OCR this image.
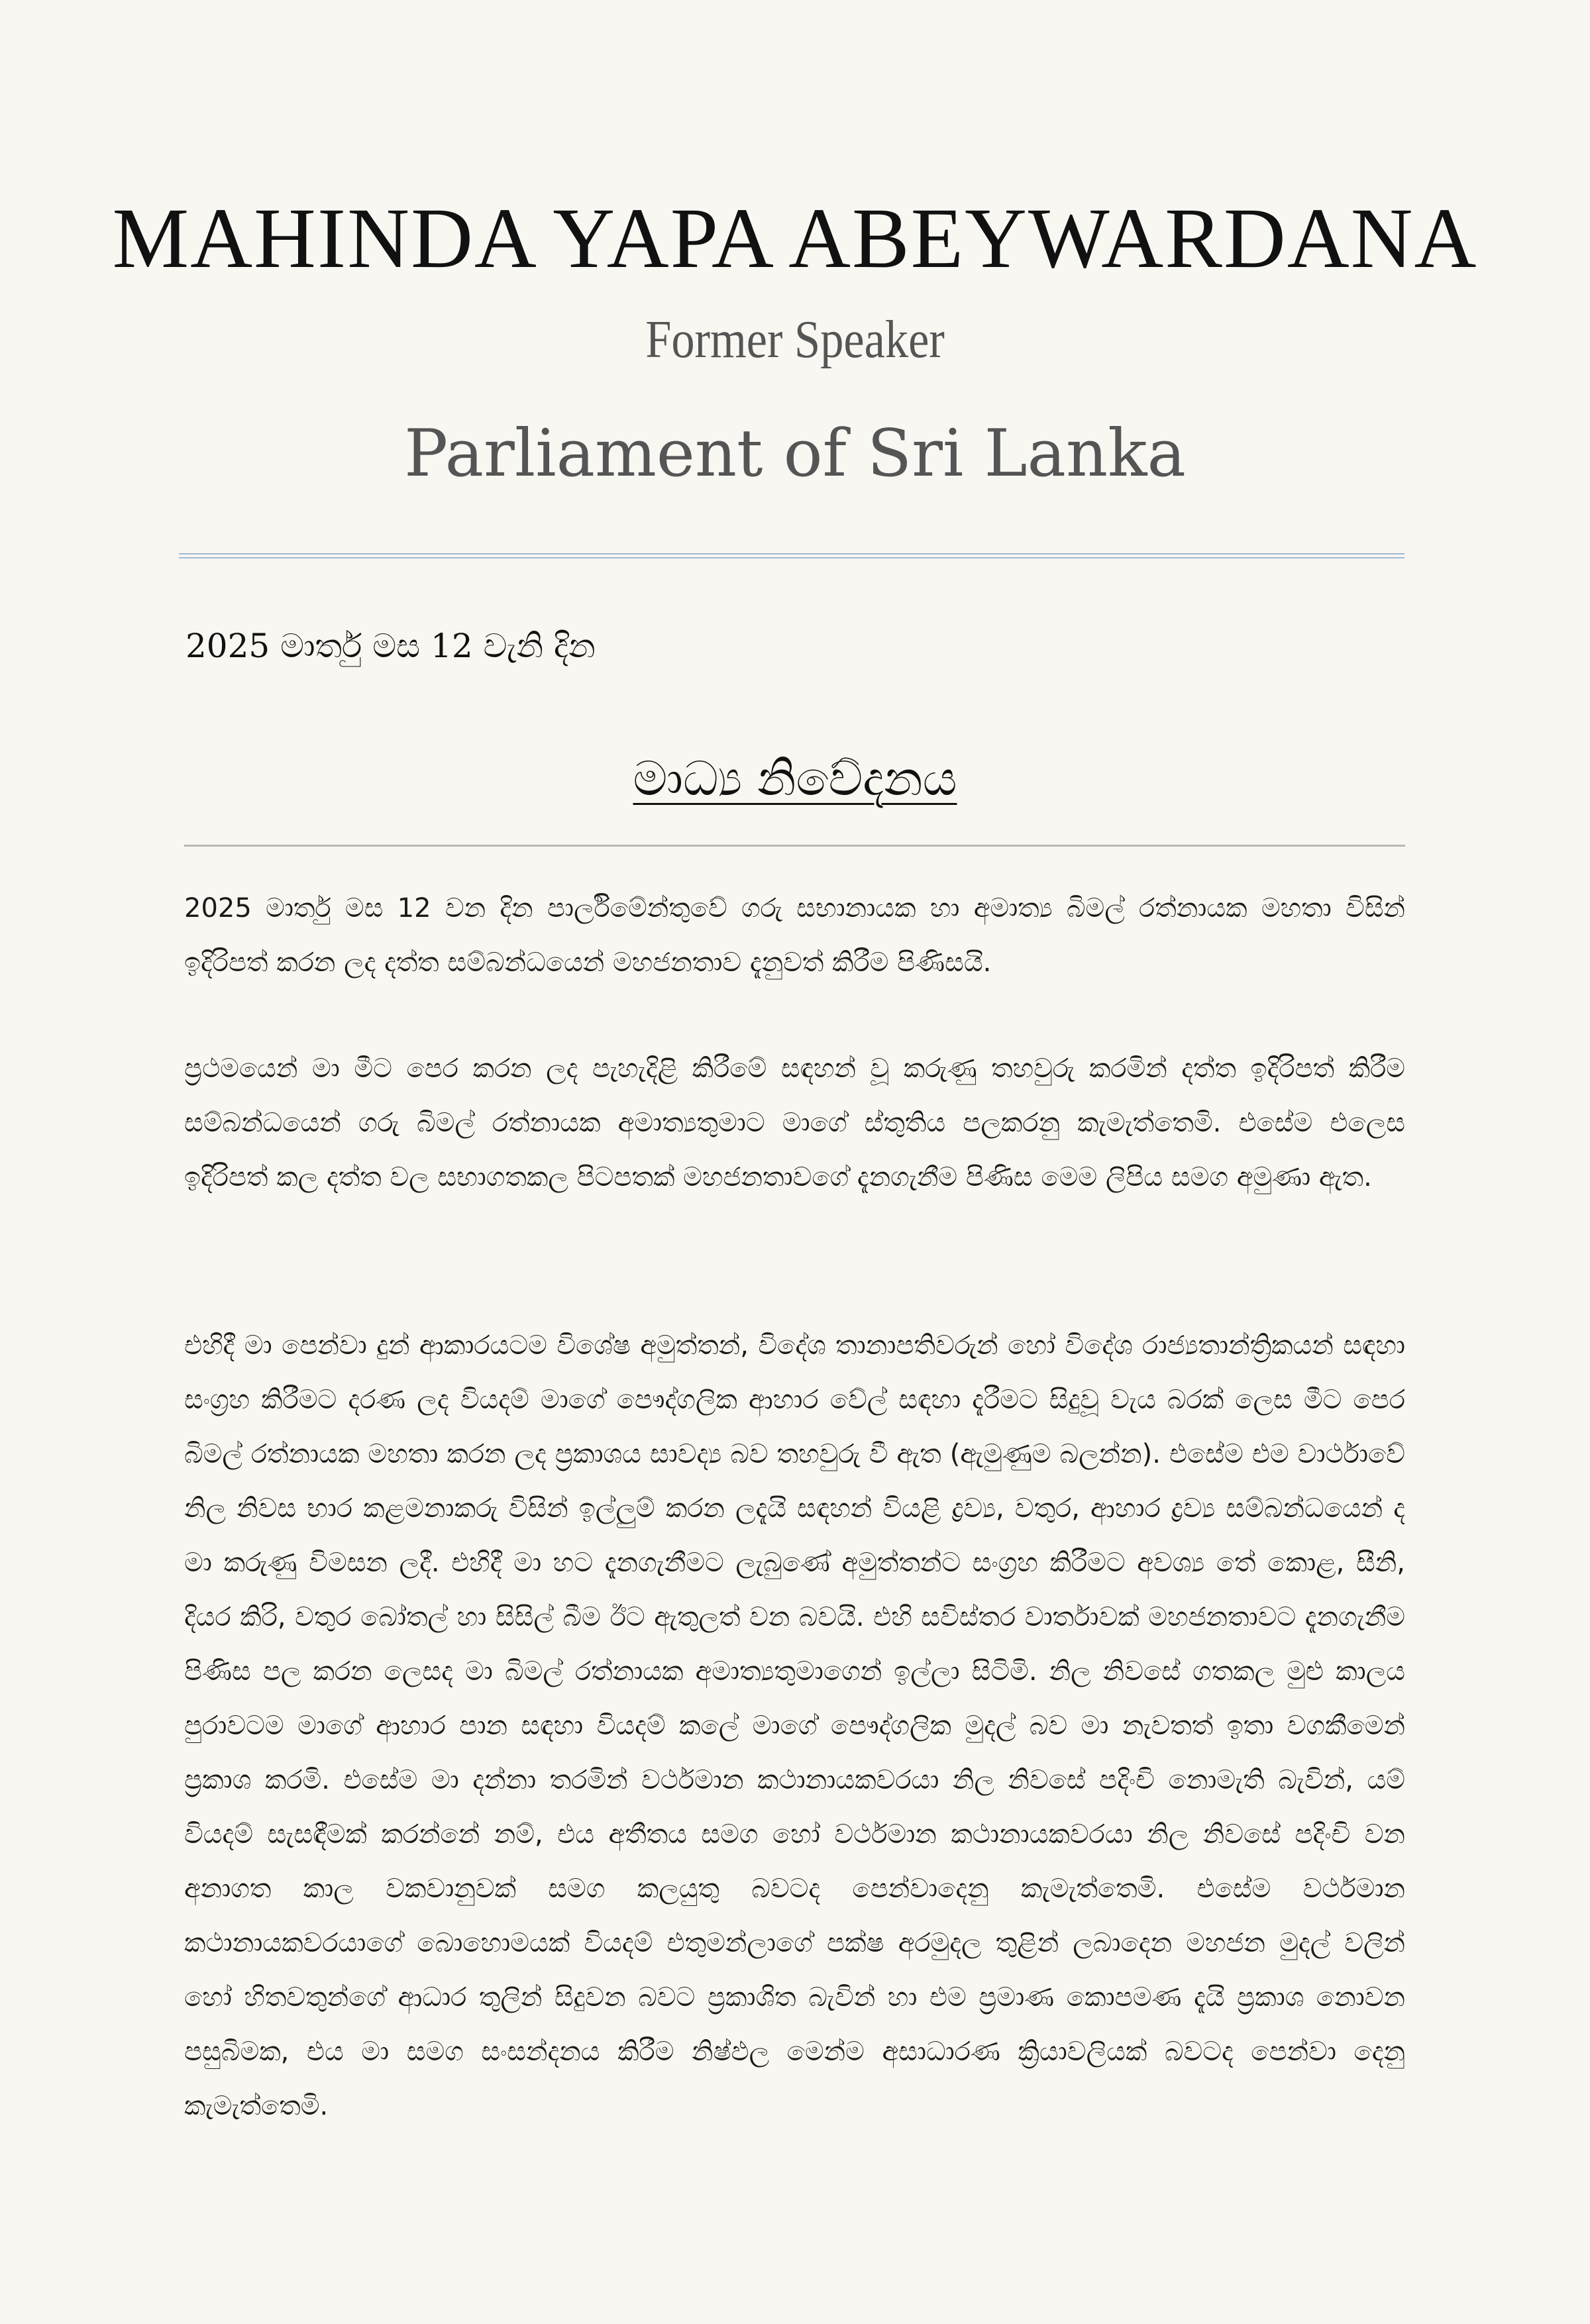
MAHINDA YAPA ABEYWARDANA
Former Speaker
Parliament of Sri Lanka
2025 මාර්තු මස 12 වැනි දින
මාධ්‍ය නිවේදනය

2025 මාර්තු මස 12 වන දින පාර්ලිමේන්තුවේ ගරු සභානායක හා අමාත්‍ය බිමල් රත්නායක මහතා විසින් ඉදිරිපත් කරන ලද දත්ත සම්බන්ධයෙන් මහජනතාව දැනුවත් කිරීම පිණිසයි.

ප්‍රථමයෙන් මා මීට පෙර කරන ලද පැහැදිළි කිරීමේ සඳහන් වූ කරුණු තහවුරු කරමින් දත්ත ඉදිරිපත් කිරීම සම්බන්ධයෙන් ගරු බිමල් රත්නායක අමාත්‍යතුමාට මාගේ ස්තුතිය පලකරනු කැමැත්තෙමි. එසේම එලෙස ඉදිරිපත් කල දත්ත වල සභාගතකල පිටපතක් මහජනතාවගේ දැනගැනීම පිණිස මෙම ලිපිය සමග අමුණා ඇත.

එහිදී මා පෙන්වා දුන් ආකාරයටම විශේෂ අමුත්තන්, විදේශ තානාපතිවරුන් හෝ විදේශ රාජ්‍යතාන්ත්‍රිකයන් සඳහා සංග්‍රහ කිරීමට දරණ ලද වියදම් මාගේ පෞද්ගලික ආහාර වේල් සඳහා දැරීමට සිදුවූ වැය බරක් ලෙස මීට පෙර බිමල් රත්නායක මහතා කරන ලද ප්‍රකාශය සාවද්‍ය බව තහවුරු වී ඇත (ඇමුණුම බලන්න). එසේම එම වාර්ථාවේ නිල නිවස භාර කළමනාකරු විසින් ඉල්ලුම් කරන ලදැයි සඳහන් වියළි ද්‍රව්‍ය, වතුර, ආහාර ද්‍රව්‍ය සම්බන්ධයෙන් ද මා කරුණු විමසන ලදී. එහිදී මා හට දැනගැනීමට ලැබුණේ අමුත්තන්ට සංග්‍රහ කිරීමට අවශ්‍ය තේ කොළ, සීනි, දියර කිරි, වතුර බෝතල් හා සිසිල් බීම ඊට ඇතුලත් වන බවයි. එහි සවිස්තර වාර්තාවක් මහජනතාවට දැනගැනීම පිණිස පල කරන ලෙසද මා බිමල් රත්නායක අමාත්‍යතුමාගෙන් ඉල්ලා සිටිමි. නිල නිවසේ ගතකල මුළු කාලය පුරාවටම මාගේ ආහාර පාන සඳහා වියදම් කලේ මාගේ පෞද්ගලික මුදල් බව මා නැවතත් ඉතා වගකීමෙන් ප්‍රකාශ කරමි. එසේම මා දන්නා තරමින් වර්ථමාන කථානායකවරයා නිල නිවසේ පදිංචි නොමැති බැවින්, යම් වියදම් සැසඳීමක් කරන්නේ නම්, එය අතීතය සමග හෝ වර්ථමාන කථානායකවරයා නිල නිවසේ පදිංචි වන අනාගත කාල වකවානුවක් සමග කලයුතු බවටද පෙන්වාදෙනු කැමැත්තෙමි. එසේම වර්ථමාන කථානායකවරයාගේ බොහොමයක් වියදම් එතුමන්ලාගේ පක්ෂ අරමුදල තුළින් ලබාදෙන මහජන මුදල් වලින් හෝ හිතවතුන්ගේ ආධාර තුලින් සිදුවන බවට ප්‍රකාශිත බැවින් හා එම ප්‍රමාණ කොපමණ දැයි ප්‍රකාශ නොවන පසුබිමක, එය මා සමග සංසන්දනය කිරීම නිෂ්ඵල මෙන්ම අසාධාරණ ක්‍රියාවලියක් බවටද පෙන්වා දෙනු කැමැත්තෙමි.
